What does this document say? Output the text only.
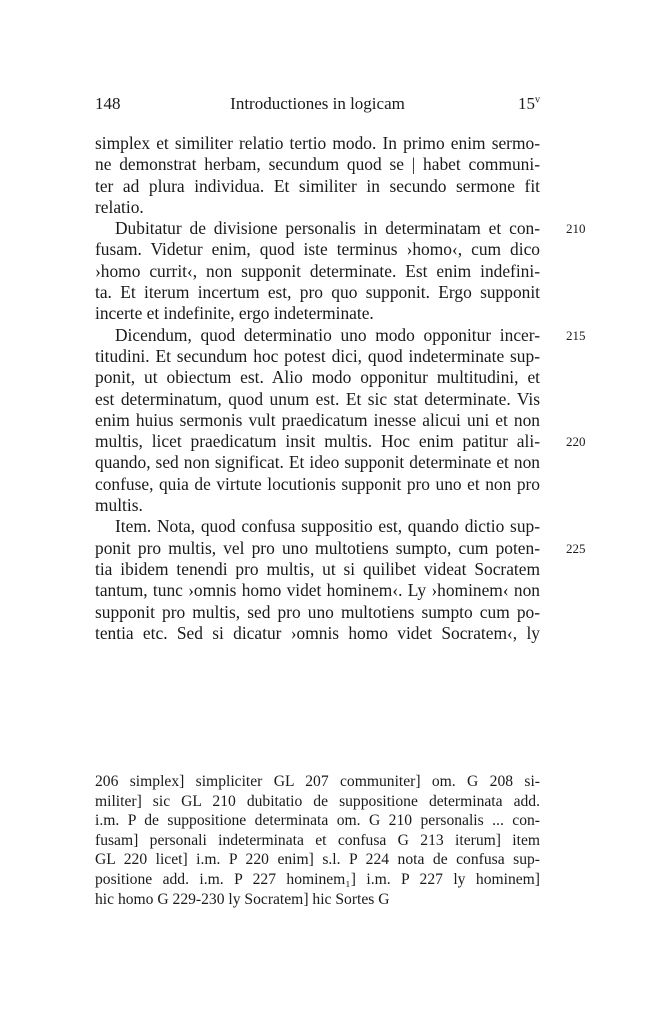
148	Introductiones in logicam	15$^v$
simplex et similiter relatio tertio modo. In primo enim sermo-
ne demonstrat herbam, secundum quod se | habet communi-
ter ad plura individua. Et similiter in secundo sermone fit
relatio.
Dubitatur de divisione personalis in determinatam et con-
fusam. Videtur enim, quod iste terminus ›homo‹, cum dico
›homo currit‹, non supponit determinate. Est enim indefini-
ta. Et iterum incertum est, pro quo supponit. Ergo supponit
incerte et indefinite, ergo indeterminate.
Dicendum, quod determinatio uno modo opponitur incer-
titudini. Et secundum hoc potest dici, quod indeterminate sup-
ponit, ut obiectum est. Alio modo opponitur multitudini, et
est determinatum, quod unum est. Et sic stat determinate. Vis
enim huius sermonis vult praedicatum inesse alicui uni et non
multis, licet praedicatum insit multis. Hoc enim patitur ali-
quando, sed non significat. Et ideo supponit determinate et non
confuse, quia de virtute locutionis supponit pro uno et non pro
multis.
Item. Nota, quod confusa suppositio est, quando dictio sup-
ponit pro multis, vel pro uno multotiens sumpto, cum poten-
tia ibidem tenendi pro multis, ut si quilibet videat Socratem
tantum, tunc ›omnis homo videt hominem‹. Ly ›hominem‹ non
supponit pro multis, sed pro uno multotiens sumpto cum po-
tentia etc. Sed si dicatur ›omnis homo videt Socratem‹, ly
210
215
220
225
206 simplex] simpliciter GL 207 communiter] om. G 208 si-
militer] sic GL 210 dubitatio de suppositione determinata add.
i.m. P de suppositione determinata om. G 210 personalis ... con-
fusam] personali indeterminata et confusa G 213 iterum] item
GL 220 licet] i.m. P 220 enim] s.l. P 224 nota de confusa sup-
positione add. i.m. P 227 hominem₁] i.m. P 227 ly hominem]
hic homo G 229-230 ly Socratem] hic Sortes G
